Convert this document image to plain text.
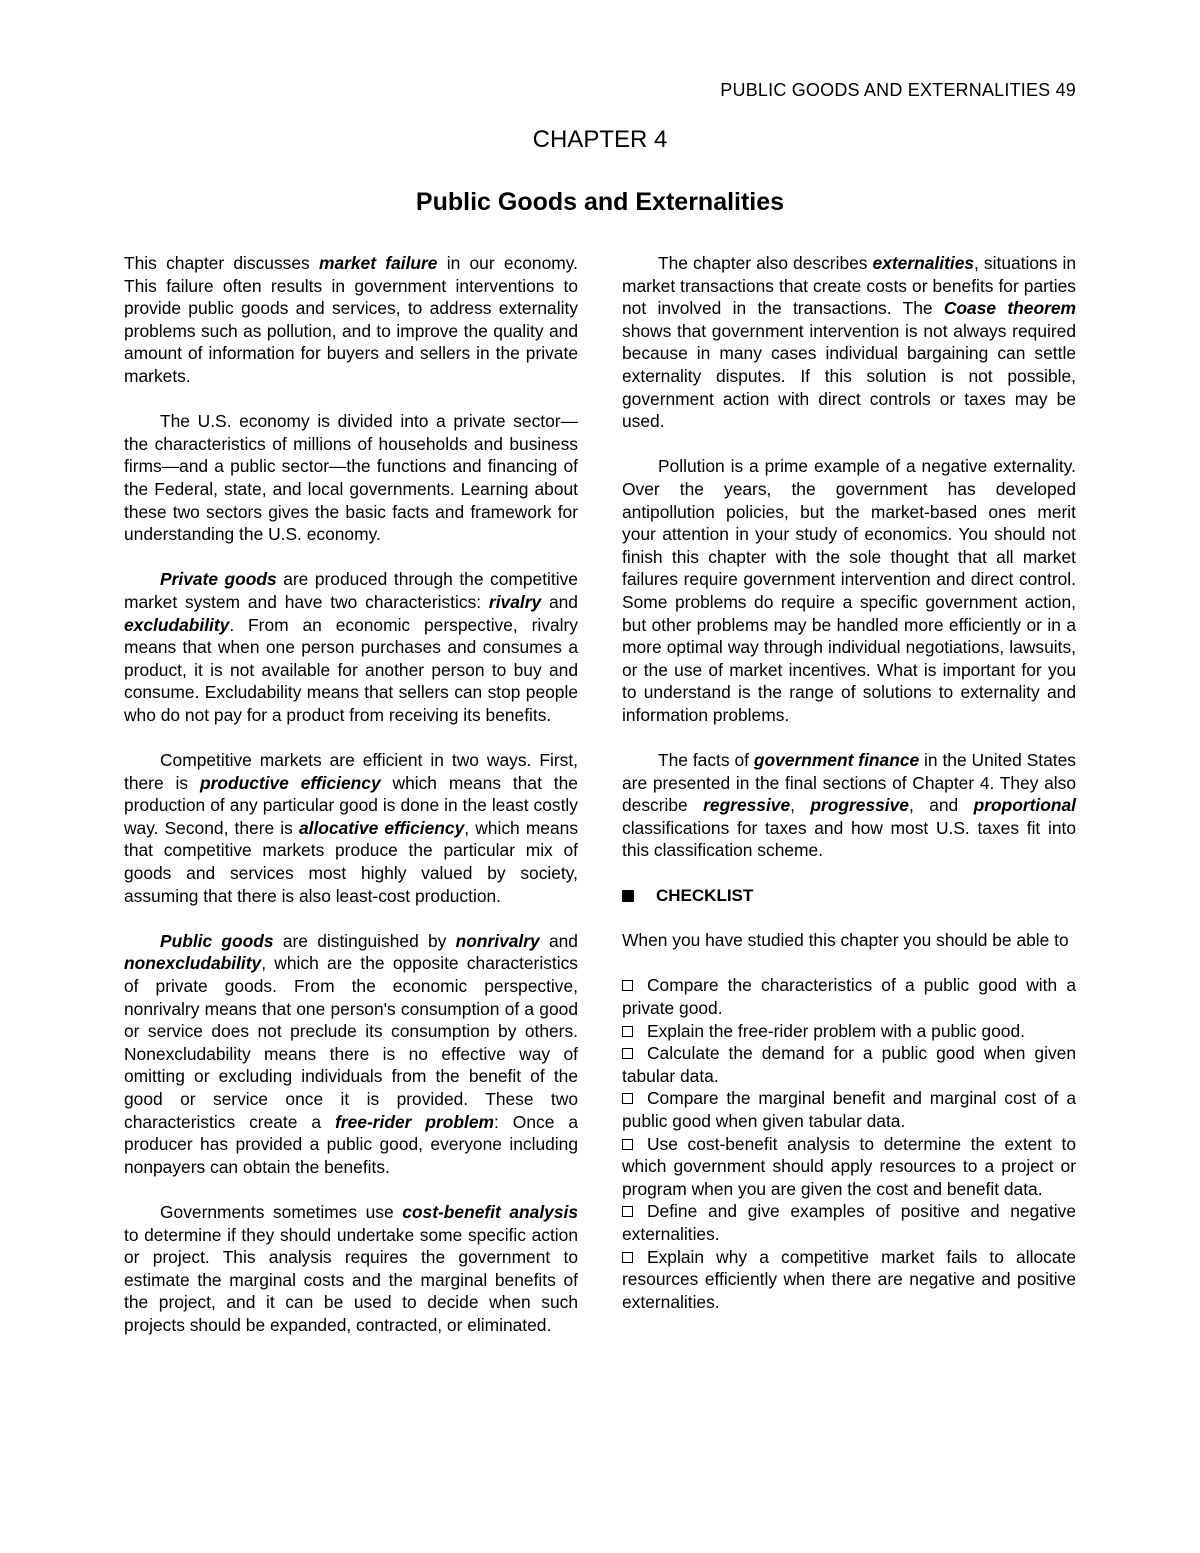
PUBLIC GOODS AND EXTERNALITIES 49
CHAPTER 4
Public Goods and Externalities

This chapter discusses market failure in our economy. This failure often results in government interventions to provide public goods and services, to address externality problems such as pollution, and to improve the quality and amount of information for buyers and sellers in the private markets.

The U.S. economy is divided into a private sector—the characteristics of millions of households and business firms—and a public sector—the functions and financing of the Federal, state, and local governments. Learning about these two sectors gives the basic facts and framework for understanding the U.S. economy.

Private goods are produced through the competitive market system and have two characteristics: rivalry and excludability. From an economic perspective, rivalry means that when one person purchases and consumes a product, it is not available for another person to buy and consume. Excludability means that sellers can stop people who do not pay for a product from receiving its benefits.

Competitive markets are efficient in two ways. First, there is productive efficiency which means that the production of any particular good is done in the least costly way. Second, there is allocative efficiency, which means that competitive markets produce the particular mix of goods and services most highly valued by society, assuming that there is also least-cost production.

Public goods are distinguished by nonrivalry and nonexcludability, which are the opposite characteristics of private goods. From the economic perspective, nonrivalry means that one person's consumption of a good or service does not preclude its consumption by others. Nonexcludability means there is no effective way of omitting or excluding individuals from the benefit of the good or service once it is provided. These two characteristics create a free-rider problem: Once a producer has provided a public good, everyone including nonpayers can obtain the benefits.

Governments sometimes use cost-benefit analysis to determine if they should undertake some specific action or project. This analysis requires the government to estimate the marginal costs and the marginal benefits of the project, and it can be used to decide when such projects should be expanded, contracted, or eliminated.

The chapter also describes externalities, situations in market transactions that create costs or benefits for parties not involved in the transactions. The Coase theorem shows that government intervention is not always required because in many cases individual bargaining can settle externality disputes. If this solution is not possible, government action with direct controls or taxes may be used.

Pollution is a prime example of a negative externality. Over the years, the government has developed antipollution policies, but the market-based ones merit your attention in your study of economics. You should not finish this chapter with the sole thought that all market failures require government intervention and direct control. Some problems do require a specific government action, but other problems may be handled more efficiently or in a more optimal way through individual negotiations, lawsuits, or the use of market incentives. What is important for you to understand is the range of solutions to externality and information problems.

The facts of government finance in the United States are presented in the final sections of Chapter 4. They also describe regressive, progressive, and proportional classifications for taxes and how most U.S. taxes fit into this classification scheme.

CHECKLIST

When you have studied this chapter you should be able to

Compare the characteristics of a public good with a private good.
Explain the free-rider problem with a public good.
Calculate the demand for a public good when given tabular data.
Compare the marginal benefit and marginal cost of a public good when given tabular data.
Use cost-benefit analysis to determine the extent to which government should apply resources to a project or program when you are given the cost and benefit data.
Define and give examples of positive and negative externalities.
Explain why a competitive market fails to allocate resources efficiently when there are negative and positive externalities.
